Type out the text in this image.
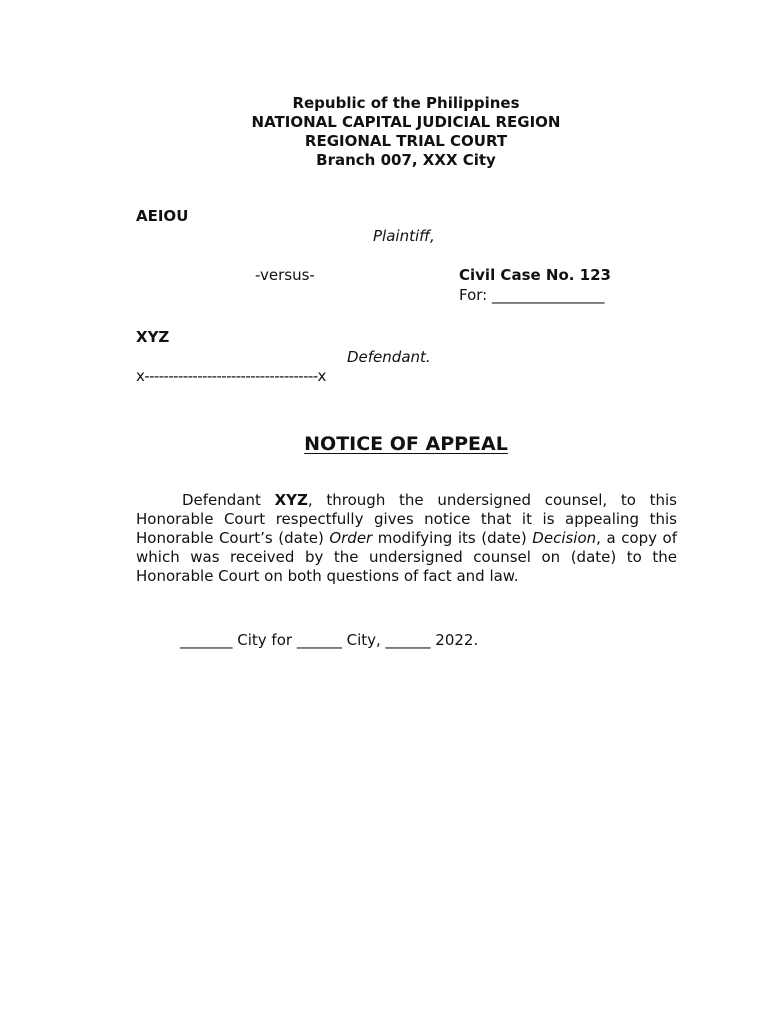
Republic of the Philippines
NATIONAL CAPITAL JUDICIAL REGION
REGIONAL TRIAL COURT
Branch 007, XXX City
AEIOU
Plaintiff,
-versus-	Civil Case No. 123
For: _______________
XYZ
Defendant.
x------------------------------------x
NOTICE OF APPEAL
Defendant XYZ, through the undersigned counsel, to this Honorable Court respectfully gives notice that it is appealing this Honorable Court’s (date) Order modifying its (date) Decision, a copy of which was received by the undersigned counsel on (date) to the Honorable Court on both questions of fact and law.
_______ City for ______ City, ______ 2022.
